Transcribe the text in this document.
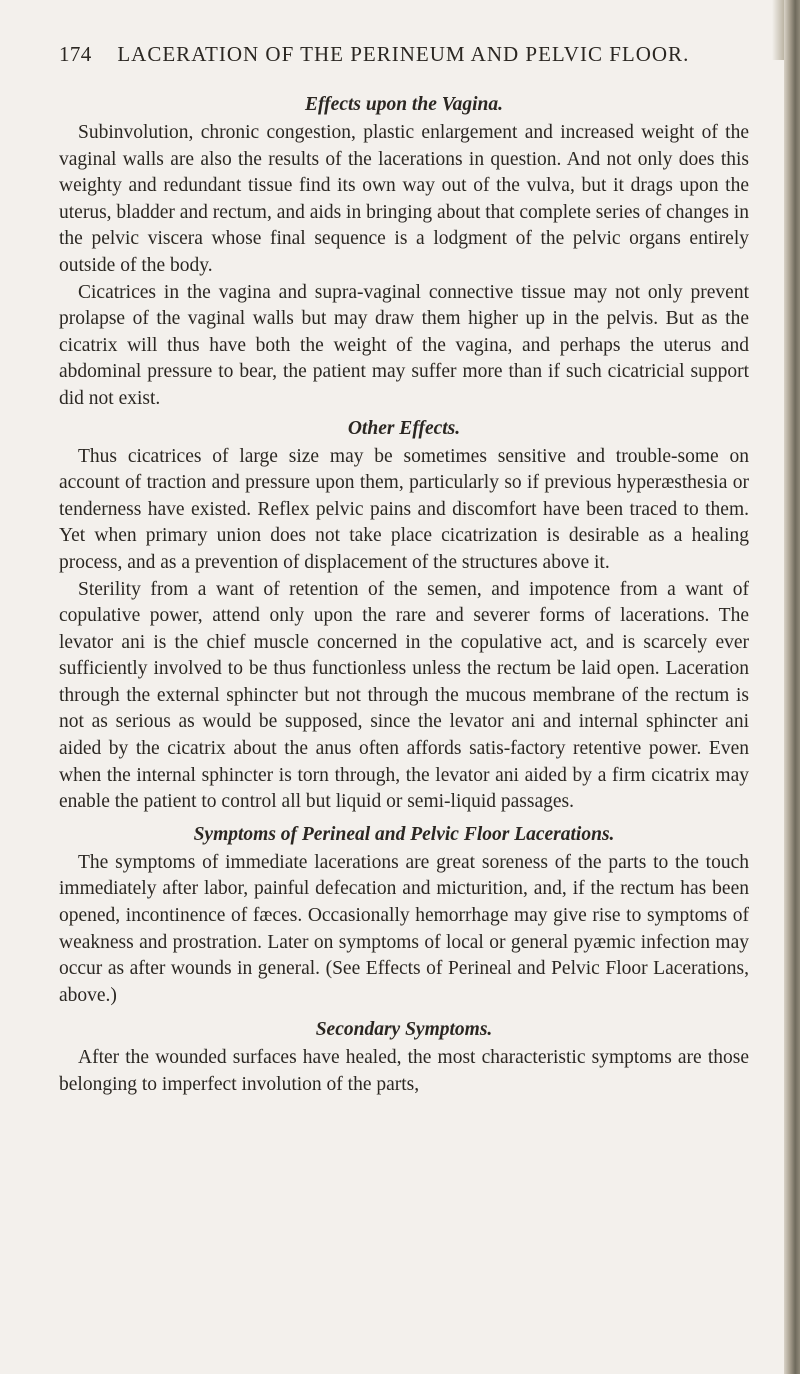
174 LACERATION OF THE PERINEUM AND PELVIC FLOOR.
Effects upon the Vagina.

Subinvolution, chronic congestion, plastic enlargement and increased weight of the vaginal walls are also the results of the lacerations in question. And not only does this weighty and redundant tissue find its own way out of the vulva, but it drags upon the uterus, bladder and rectum, and aids in bringing about that complete series of changes in the pelvic viscera whose final sequence is a lodgment of the pelvic organs entirely outside of the body.

Cicatrices in the vagina and supra-vaginal connective tissue may not only prevent prolapse of the vaginal walls but may draw them higher up in the pelvis. But as the cicatrix will thus have both the weight of the vagina, and perhaps the uterus and abdominal pressure to bear, the patient may suffer more than if such cicatricial support did not exist.

Other Effects.

Thus cicatrices of large size may be sometimes sensitive and trouble-some on account of traction and pressure upon them, particularly so if previous hyperæsthesia or tenderness have existed. Reflex pelvic pains and discomfort have been traced to them. Yet when primary union does not take place cicatrization is desirable as a healing process, and as a prevention of displacement of the structures above it.

Sterility from a want of retention of the semen, and impotence from a want of copulative power, attend only upon the rare and severer forms of lacerations. The levator ani is the chief muscle concerned in the copulative act, and is scarcely ever sufficiently involved to be thus functionless unless the rectum be laid open. Laceration through the external sphincter but not through the mucous membrane of the rectum is not as serious as would be supposed, since the levator ani and internal sphincter ani aided by the cicatrix about the anus often affords satis-factory retentive power. Even when the internal sphincter is torn through, the levator ani aided by a firm cicatrix may enable the patient to control all but liquid or semi-liquid passages.

Symptoms of Perineal and Pelvic Floor Lacerations.

The symptoms of immediate lacerations are great soreness of the parts to the touch immediately after labor, painful defecation and micturition, and, if the rectum has been opened, incontinence of fæces. Occasionally hemorrhage may give rise to symptoms of weakness and prostration. Later on symptoms of local or general pyæmic infection may occur as after wounds in general. (See Effects of Perineal and Pelvic Floor Lacerations, above.)

Secondary Symptoms.

After the wounded surfaces have healed, the most characteristic symptoms are those belonging to imperfect involution of the parts,
